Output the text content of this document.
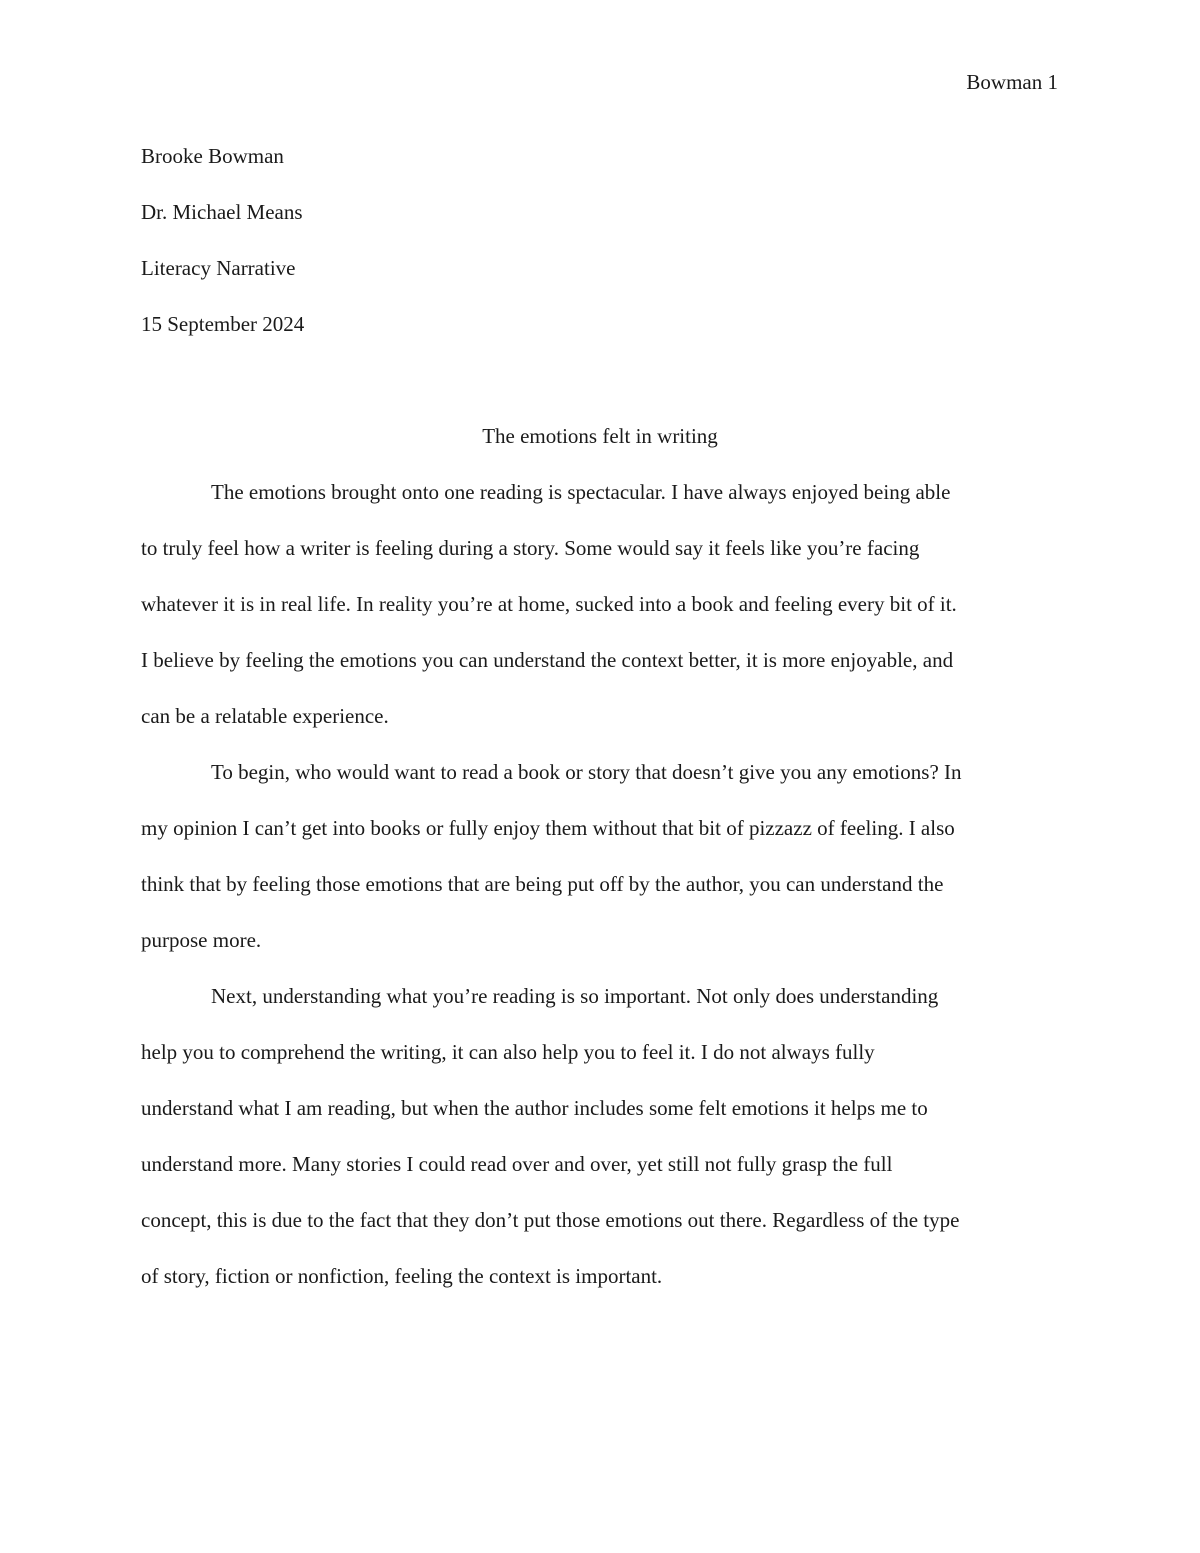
Bowman 1

Brooke Bowman

Dr. Michael Means

Literacy Narrative

15 September 2024

The emotions felt in writing

The emotions brought onto one reading is spectacular. I have always enjoyed being able

to truly feel how a writer is feeling during a story. Some would say it feels like you’re facing

whatever it is in real life. In reality you’re at home, sucked into a book and feeling every bit of it.

I believe by feeling the emotions you can understand the context better, it is more enjoyable, and

can be a relatable experience.

To begin, who would want to read a book or story that doesn’t give you any emotions? In

my opinion I can’t get into books or fully enjoy them without that bit of pizzazz of feeling. I also

think that by feeling those emotions that are being put off by the author, you can understand the

purpose more.

Next, understanding what you’re reading is so important. Not only does understanding

help you to comprehend the writing, it can also help you to feel it. I do not always fully

understand what I am reading, but when the author includes some felt emotions it helps me to

understand more. Many stories I could read over and over, yet still not fully grasp the full

concept, this is due to the fact that they don’t put those emotions out there. Regardless of the type

of story, fiction or nonfiction, feeling the context is important.
